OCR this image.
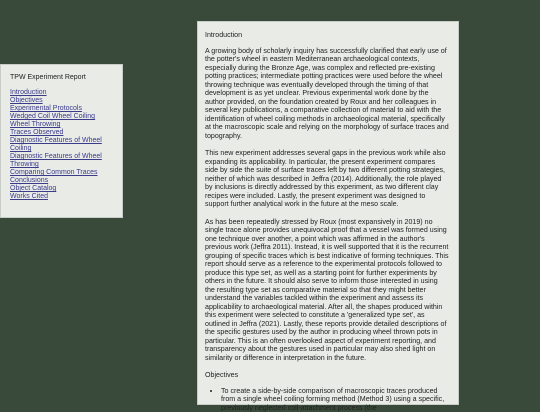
TPW Experiment Report
Introduction
Objectives
Experimental Protocols
Wedged Coil Wheel Coiling
Wheel Throwing
Traces Observed
Diagnostic Features of Wheel Coiling
Diagnostic Features of Wheel Throwing
Comparing Common Traces
Conclusions
Object Catalog
Works Cited
Introduction

A growing body of scholarly inquiry has successfully clarified that early use of the potter's wheel in eastern Mediterranean archaeological contexts, especially during the Bronze Age, was complex and reflected pre-existing potting practices; intermediate potting practices were used before the wheel throwing technique was eventually developed through the timing of that development is as yet unclear. Previous experimental work done by the author provided, on the foundation created by Roux and her colleagues in several key publications, a comparative collection of material to aid with the identification of wheel coiling methods in archaeological material, specifically at the macroscopic scale and relying on the morphology of surface traces and topography.

This new experiment addresses several gaps in the previous work while also expanding its applicability. In particular, the present experiment compares side by side the suite of surface traces left by two different potting strategies, neither of which was described in Jeffra (2014). Additionally, the role played by inclusions is directly addressed by this experiment, as two different clay recipes were included. Lastly, the present experiment was designed to support further analytical work in the future at the meso scale.

As has been repeatedly stressed by Roux (most expansively in 2019) no single trace alone provides unequivocal proof that a vessel was formed using one technique over another, a point which was affirmed in the author's previous work (Jeffra 2011). Instead, it is well supported that it is the recurrent grouping of specific traces which is best indicative of forming techniques. This report should serve as a reference to the experimental protocols followed to produce this type set, as well as a starting point for further experiments by others in the future. It should also serve to inform those interested in using the resulting type set as comparative material so that they might better understand the variables tackled within the experiment and assess its applicability to archaeological material. After all, the shapes produced within this experiment were selected to constitute a 'generalized type set', as outlined in Jeffra (2021). Lastly, these reports provide detailed descriptions of the specific gestures used by the author in producing wheel thrown pots in particular. This is an often overlooked aspect of experiment reporting, and transparency about the gestures used in particular may also shed light on similarity or difference in interpretation in the future.

Objectives
• To create a side-by-side comparison of macroscopic traces produced from a single wheel coiling forming method (Method 3) using a specific, previously neglected coil-attachment process (the
